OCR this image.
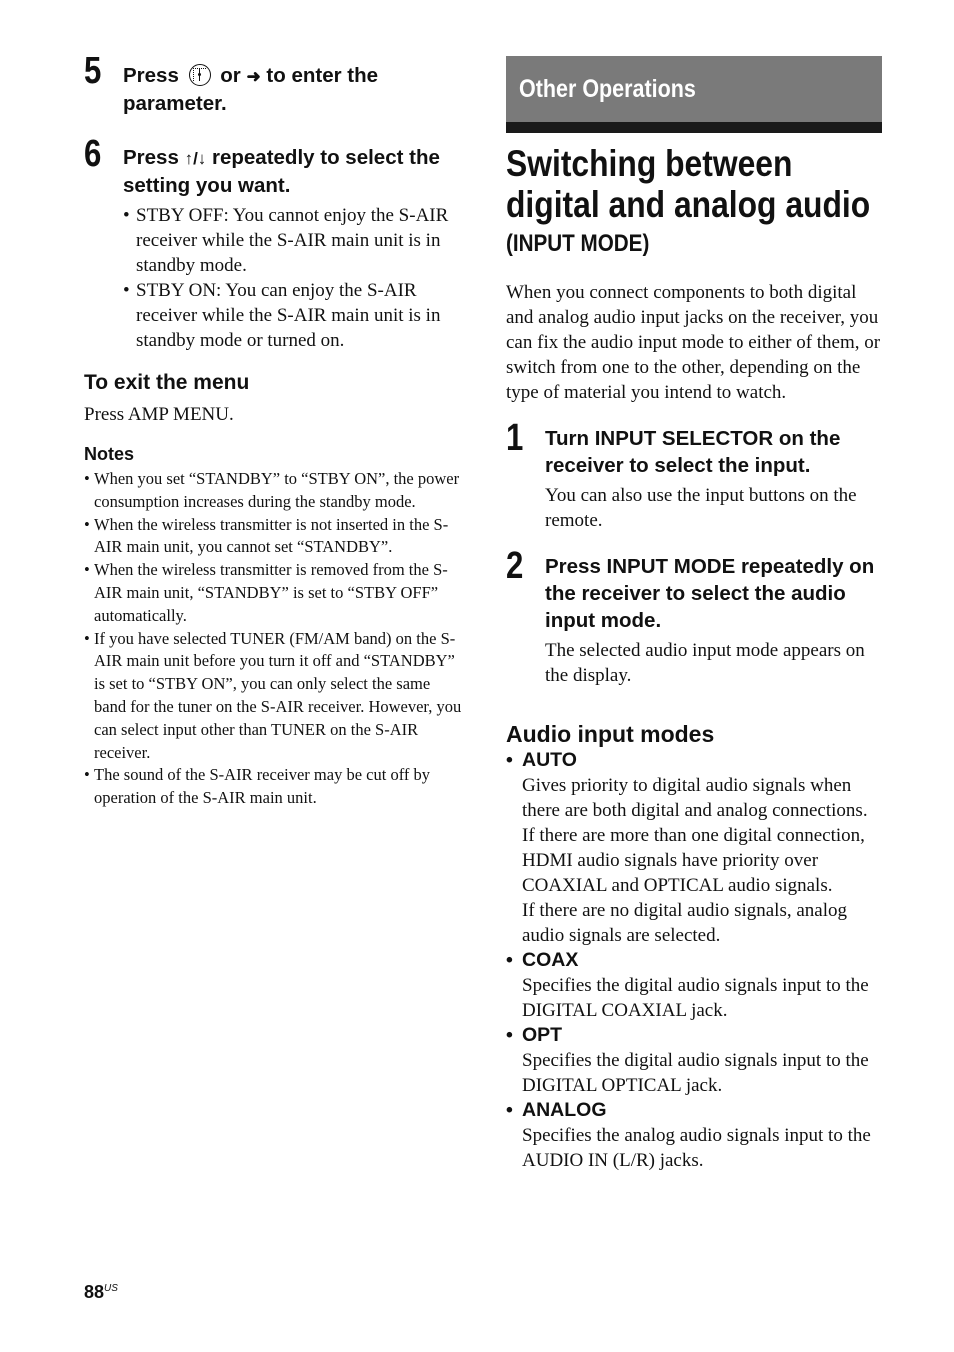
5 Press or ➜ to enter the parameter.

6 Press ↑/↓ repeatedly to select the setting you want.

• STBY OFF: You cannot enjoy the S-AIR receiver while the S-AIR main unit is in standby mode.
• STBY ON: You can enjoy the S-AIR receiver while the S-AIR main unit is in standby mode or turned on.

To exit the menu

Press AMP MENU.

Notes

• When you set “STANDBY” to “STBY ON”, the power consumption increases during the standby mode.
• When the wireless transmitter is not inserted in the S-AIR main unit, you cannot set “STANDBY”.
• When the wireless transmitter is removed from the S-AIR main unit, “STANDBY” is set to “STBY OFF” automatically.
• If you have selected TUNER (FM/AM band) on the S-AIR main unit before you turn it off and “STANDBY” is set to “STBY ON”, you can only select the same band for the tuner on the S-AIR receiver. However, you can select input other than TUNER on the S-AIR receiver.
• The sound of the S-AIR receiver may be cut off by operation of the S-AIR main unit.
Other Operations

Switching between

digital and analog audio

(INPUT MODE)

When you connect components to both digital and analog audio input jacks on the receiver, you can fix the audio input mode to either of them, or switch from one to the other, depending on the type of material you intend to watch.

1 Turn INPUT SELECTOR on the receiver to select the input.

You can also use the input buttons on the remote.

2 Press INPUT MODE repeatedly on the receiver to select the audio input mode.

The selected audio input mode appears on the display.

Audio input modes

• AUTO

Gives priority to digital audio signals when there are both digital and analog connections.
If there are more than one digital connection, HDMI audio signals have priority over COAXIAL and OPTICAL audio signals.
If there are no digital audio signals, analog audio signals are selected.

• COAX

Specifies the digital audio signals input to the DIGITAL COAXIAL jack.

• OPT

Specifies the digital audio signals input to the DIGITAL OPTICAL jack.

• ANALOG

Specifies the analog audio signals input to the AUDIO IN (L/R) jacks.

$88^{US}$
